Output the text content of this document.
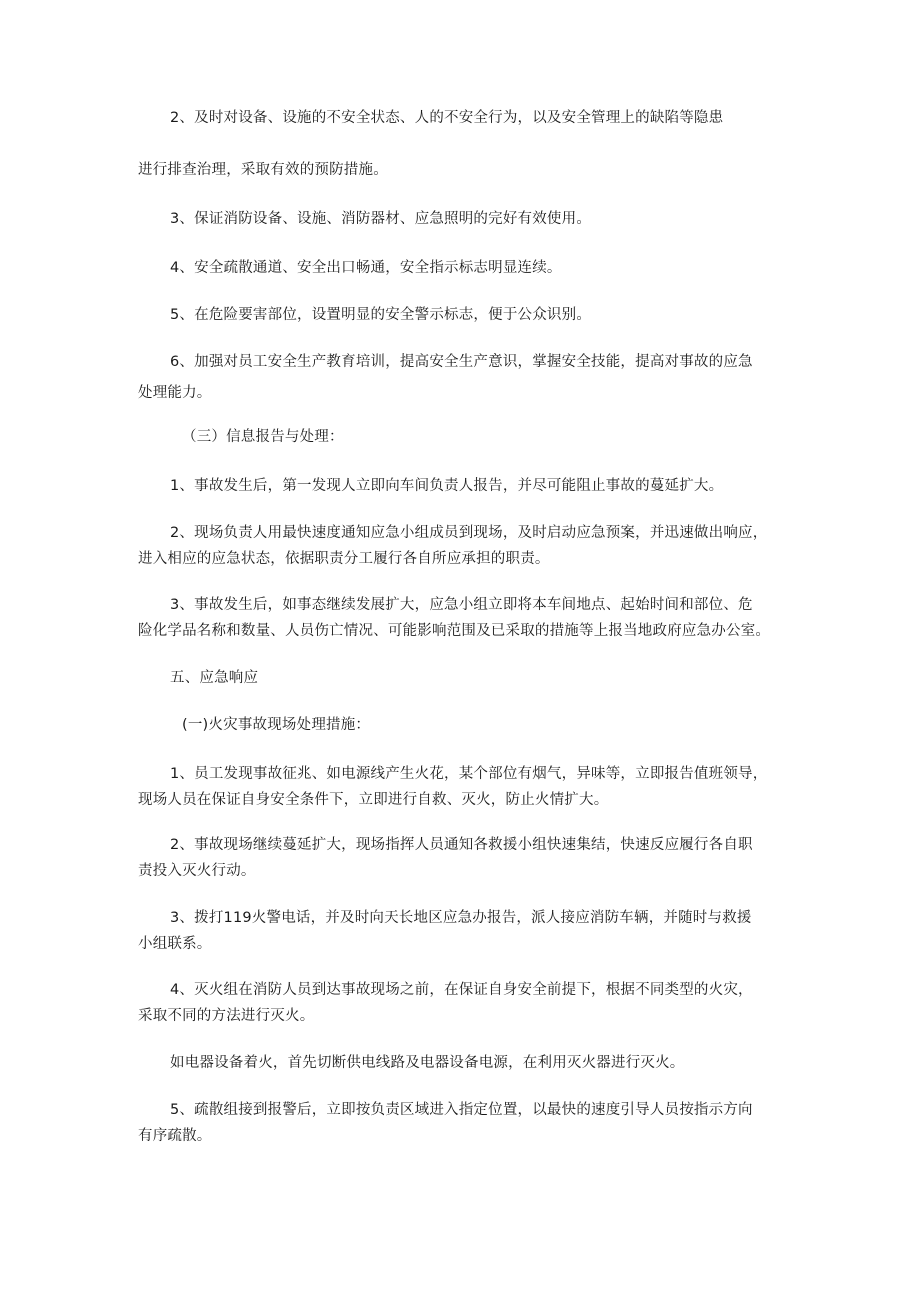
2、及时对设备、设施的不安全状态、人的不安全行为，以及安全管理上的缺陷等隐患
进行排查治理，采取有效的预防措施。
3、保证消防设备、设施、消防器材、应急照明的完好有效使用。
4、安全疏散通道、安全出口畅通，安全指示标志明显连续。
5、在危险要害部位，设置明显的安全警示标志，便于公众识别。
6、加强对员工安全生产教育培训，提高安全生产意识，掌握安全技能，提高对事故的应急
处理能力。
（三）信息报告与处理：
1、事故发生后，第一发现人立即向车间负责人报告，并尽可能阻止事故的蔓延扩大。
2、现场负责人用最快速度通知应急小组成员到现场，及时启动应急预案，并迅速做出响应，
进入相应的应急状态，依据职责分工履行各自所应承担的职责。
3、事故发生后，如事态继续发展扩大，应急小组立即将本车间地点、起始时间和部位、危
险化学品名称和数量、人员伤亡情况、可能影响范围及已采取的措施等上报当地政府应急办公室。
五、应急响应
(一)火灾事故现场处理措施：
1、员工发现事故征兆、如电源线产生火花，某个部位有烟气，异味等，立即报告值班领导，
现场人员在保证自身安全条件下，立即进行自救、灭火，防止火情扩大。
2、事故现场继续蔓延扩大，现场指挥人员通知各救援小组快速集结，快速反应履行各自职
责投入灭火行动。
3、拨打119火警电话，并及时向天长地区应急办报告，派人接应消防车辆，并随时与救援
小组联系。
4、灭火组在消防人员到达事故现场之前，在保证自身安全前提下，根据不同类型的火灾，
采取不同的方法进行灭火。
如电器设备着火，首先切断供电线路及电器设备电源，在利用灭火器进行灭火。
5、疏散组接到报警后，立即按负责区域进入指定位置，以最快的速度引导人员按指示方向
有序疏散。
